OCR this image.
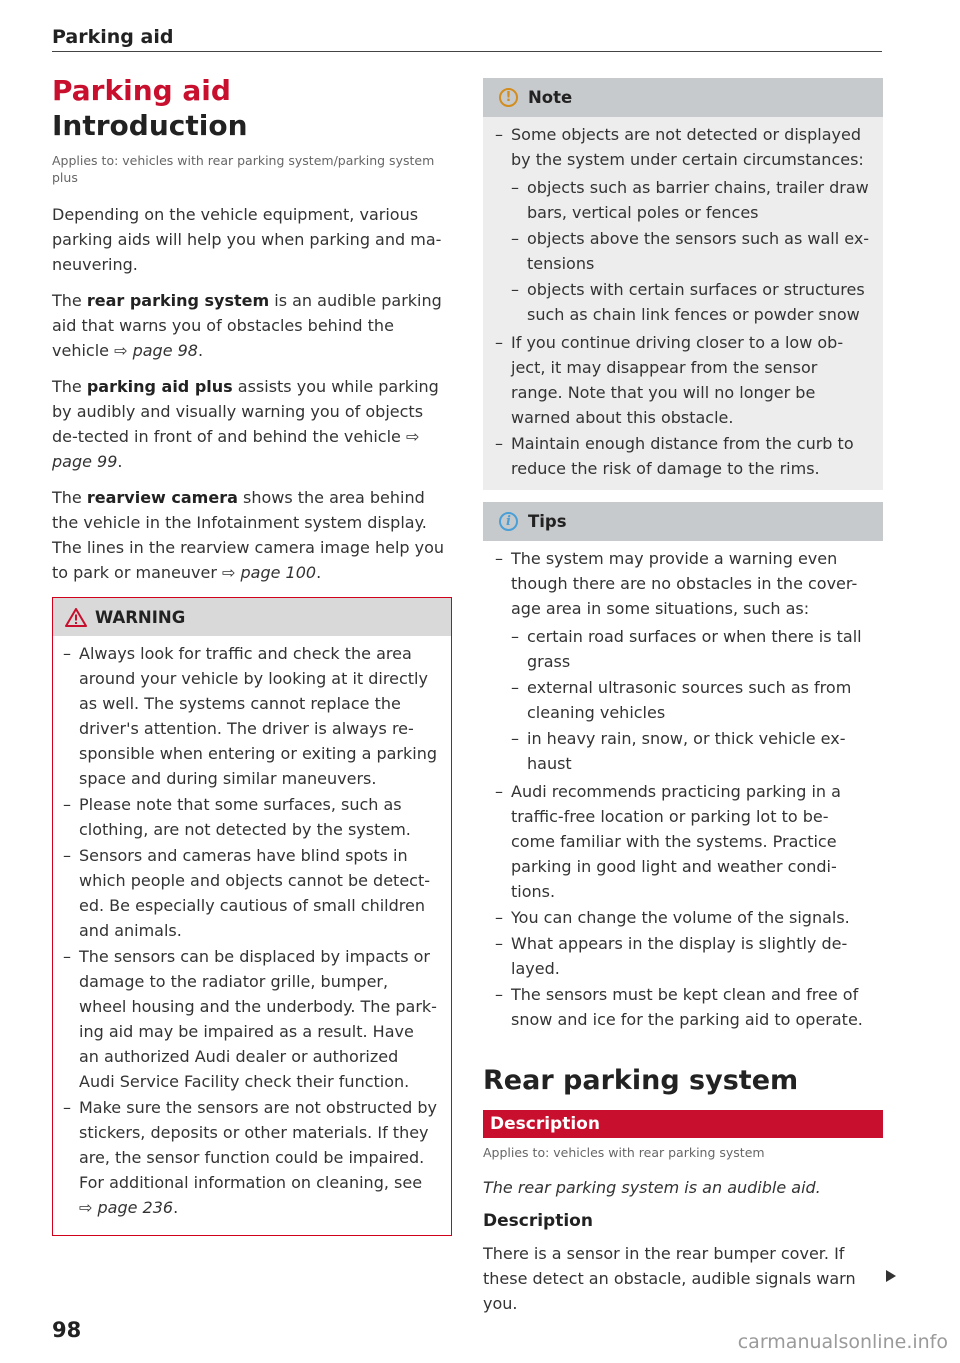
Parking aid
Parking aid
Introduction
Applies to: vehicles with rear parking system/parking system plus

Depending on the vehicle equipment, various parking aids will help you when parking and ma-neuvering.

The rear parking system is an audible parking aid that warns you of obstacles behind the vehicle ⇨ page 98.

The parking aid plus assists you while parking by audibly and visually warning you of objects de-tected in front of and behind the vehicle ⇨ page 99.

The rearview camera shows the area behind the vehicle in the Infotainment system display. The lines in the rearview camera image help you to park or maneuver ⇨ page 100.

WARNING
– Always look for traffic and check the area around your vehicle by looking at it directly as well. The systems cannot replace the driver's attention. The driver is always re-sponsible when entering or exiting a parking space and during similar maneuvers.
– Please note that some surfaces, such as clothing, are not detected by the system.
– Sensors and cameras have blind spots in which people and objects cannot be detect-ed. Be especially cautious of small children and animals.
– The sensors can be displaced by impacts or damage to the radiator grille, bumper, wheel housing and the underbody. The park-ing aid may be impaired as a result. Have an authorized Audi dealer or authorized Audi Service Facility check their function.
– Make sure the sensors are not obstructed by stickers, deposits or other materials. If they are, the sensor function could be impaired. For additional information on cleaning, see ⇨ page 236.
!	Note
– Some objects are not detected or displayed by the system under certain circumstances:
– objects such as barrier chains, trailer draw bars, vertical poles or fences
– objects above the sensors such as wall ex-tensions
– objects with certain surfaces or structures such as chain link fences or powder snow
– If you continue driving closer to a low ob-ject, it may disappear from the sensor range. Note that you will no longer be warned about this obstacle.
– Maintain enough distance from the curb to reduce the risk of damage to the rims.
i	Tips
– The system may provide a warning even though there are no obstacles in the cover-age area in some situations, such as:
– certain road surfaces or when there is tall grass
– external ultrasonic sources such as from cleaning vehicles
– in heavy rain, snow, or thick vehicle ex-haust
– Audi recommends practicing parking in a traffic-free location or parking lot to be-come familiar with the systems. Practice parking in good light and weather condi-tions.
– You can change the volume of the signals.
– What appears in the display is slightly de-layed.
– The sensors must be kept clean and free of snow and ice for the parking aid to operate.
Rear parking system
Description
Applies to: vehicles with rear parking system

The rear parking system is an audible aid.

Description

There is a sensor in the rear bumper cover. If these detect an obstacle, audible signals warn you.

98	carmanualsonline.info
